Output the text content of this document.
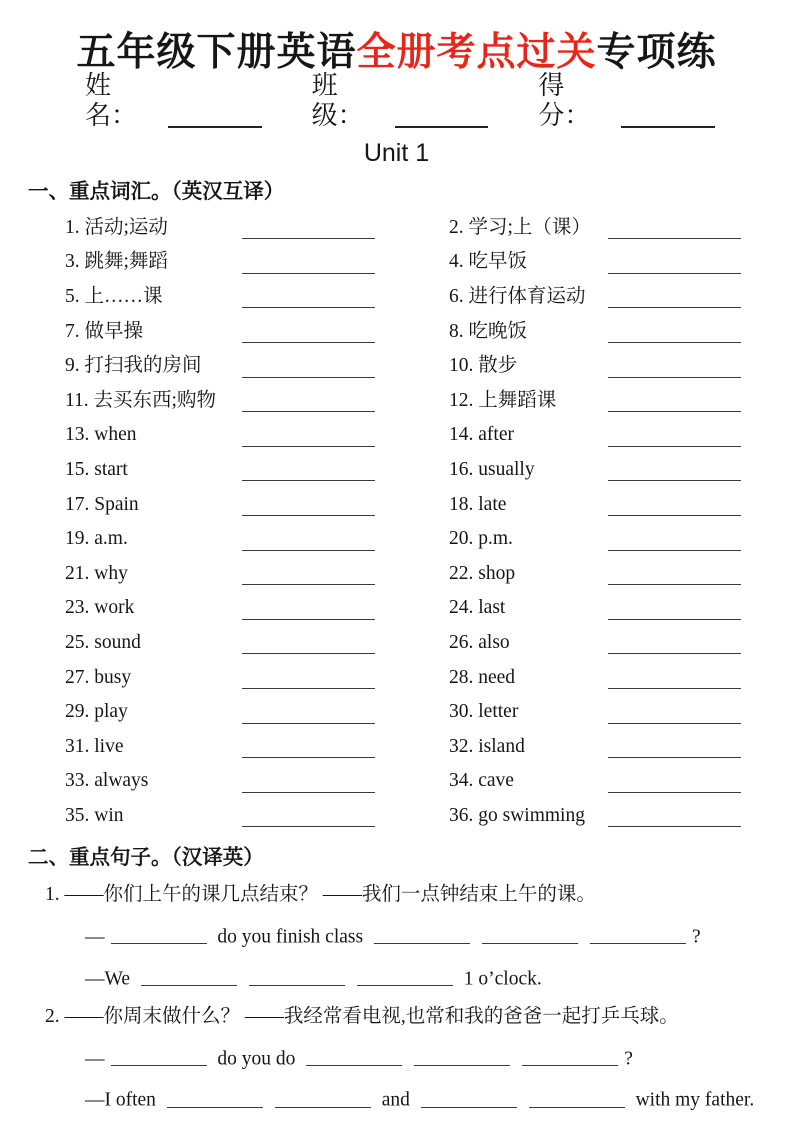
五年级下册英语全册考点过关专项练
姓名：
班级：
得分：
Unit 1
一、重点词汇。（英汉互译）
1. 活动;运动	2. 学习;上（课）
3. 跳舞;舞蹈	4. 吃早饭
5. 上……课	6. 进行体育运动
7. 做早操	8. 吃晚饭
9. 打扫我的房间	10. 散步
11. 去买东西;购物	12. 上舞蹈课
13. when	14. after
15. start	16. usually
17. Spain	18. late
19. a.m.	20. p.m.
21. why	22. shop
23. work	24. last
25. sound	26. also
27. busy	28. need
29. play	30. letter
31. live	32. island
33. always	34. cave
35. win	36. go swimming
二、重点句子。（汉译英）
1. ——你们上午的课几点结束？ ——我们一点钟结束上午的课。
—	do you finish class	?
—We	1 o’clock.
2. ——你周末做什么？ ——我经常看电视,也常和我的爸爸一起打乒乓球。
—	do you do	?
—I often	and	with my father.
